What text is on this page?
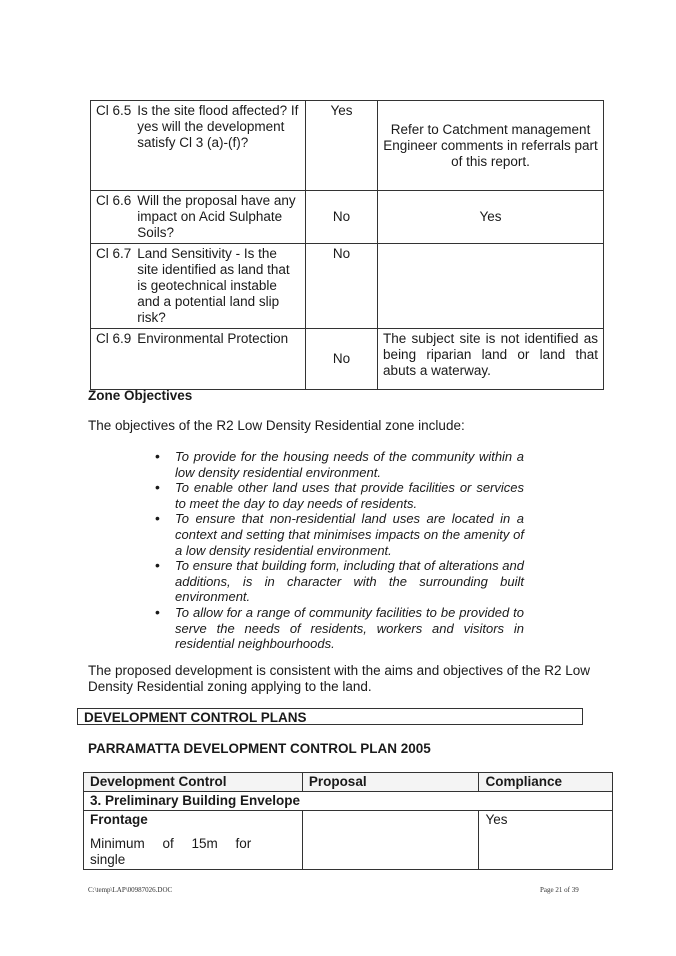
Cl 6.5 Is the site flood affected? If yes will the development satisfy Cl 3 (a)-(f)?	Yes	Refer to Catchment management Engineer comments in referrals part of this report.

Cl 6.6 Will the proposal have any impact on Acid Sulphate Soils?	No	Yes

Cl 6.7 Land Sensitivity - Is the site identified as land that is geotechnical instable and a potential land slip risk?	No	

Cl 6.9 Environmental Protection	No	The subject site is not identified as being riparian land or land that abuts a waterway.
Zone Objectives
The objectives of the R2 Low Density Residential zone include:
• To provide for the housing needs of the community within a low density residential environment.
• To enable other land uses that provide facilities or services to meet the day to day needs of residents.
• To ensure that non-residential land uses are located in a context and setting that minimises impacts on the amenity of a low density residential environment.
• To ensure that building form, including that of alterations and additions, is in character with the surrounding built environment.
• To allow for a range of community facilities to be provided to serve the needs of residents, workers and visitors in residential neighbourhoods.
The proposed development is consistent with the aims and objectives of the R2 Low Density Residential zoning applying to the land.
DEVELOPMENT CONTROL PLANS
PARRAMATTA DEVELOPMENT CONTROL PLAN 2005
Development Control	Proposal	Compliance
3. Preliminary Building Envelope		

Frontage
Minimum of 15m for single		Yes
C:\temp\LAP\00987026.DOC	Page 21 of 39
